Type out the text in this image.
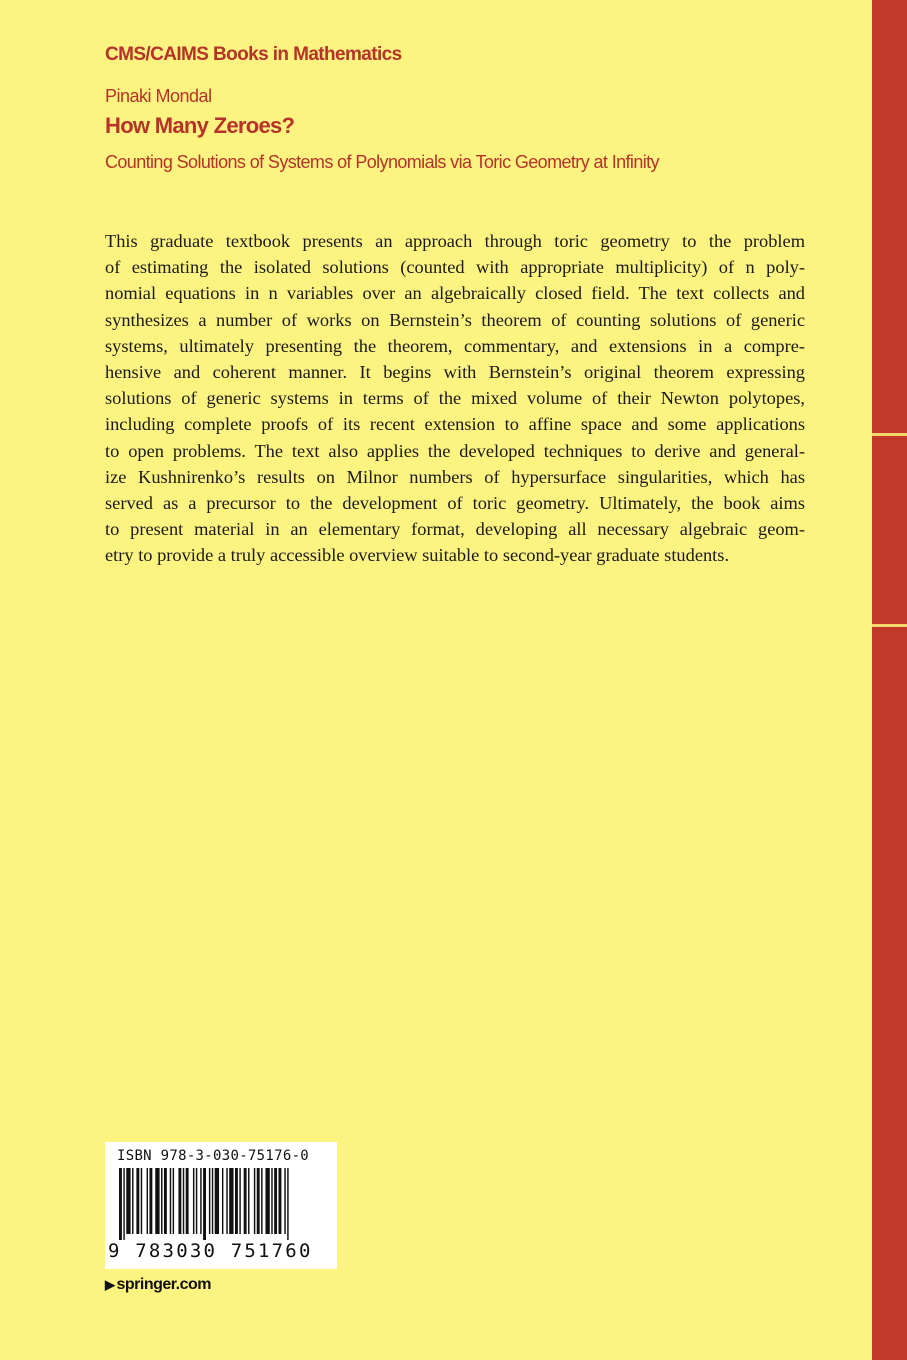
CMS/CAIMS Books in Mathematics
Pinaki Mondal
How Many Zeroes?
Counting Solutions of Systems of Polynomials via Toric Geometry at Infinity
This graduate textbook presents an approach through toric geometry to the problem
of estimating the isolated solutions (counted with appropriate multiplicity) of n poly-
nomial equations in n variables over an algebraically closed field. The text collects and
synthesizes a number of works on Bernstein’s theorem of counting solutions of generic
systems, ultimately presenting the theorem, commentary, and extensions in a compre-
hensive and coherent manner. It begins with Bernstein’s original theorem expressing
solutions of generic systems in terms of the mixed volume of their Newton polytopes,
including complete proofs of its recent extension to affine space and some applications
to open problems. The text also applies the developed techniques to derive and general-
ize Kushnirenko’s results on Milnor numbers of hypersurface singularities, which has
served as a precursor to the development of toric geometry. Ultimately, the book aims
to present material in an elementary format, developing all necessary algebraic geom-
etry to provide a truly accessible overview suitable to second-year graduate students.
ISBN 978-3-030-75176-0
9 783030 751760
▶ springer.com
